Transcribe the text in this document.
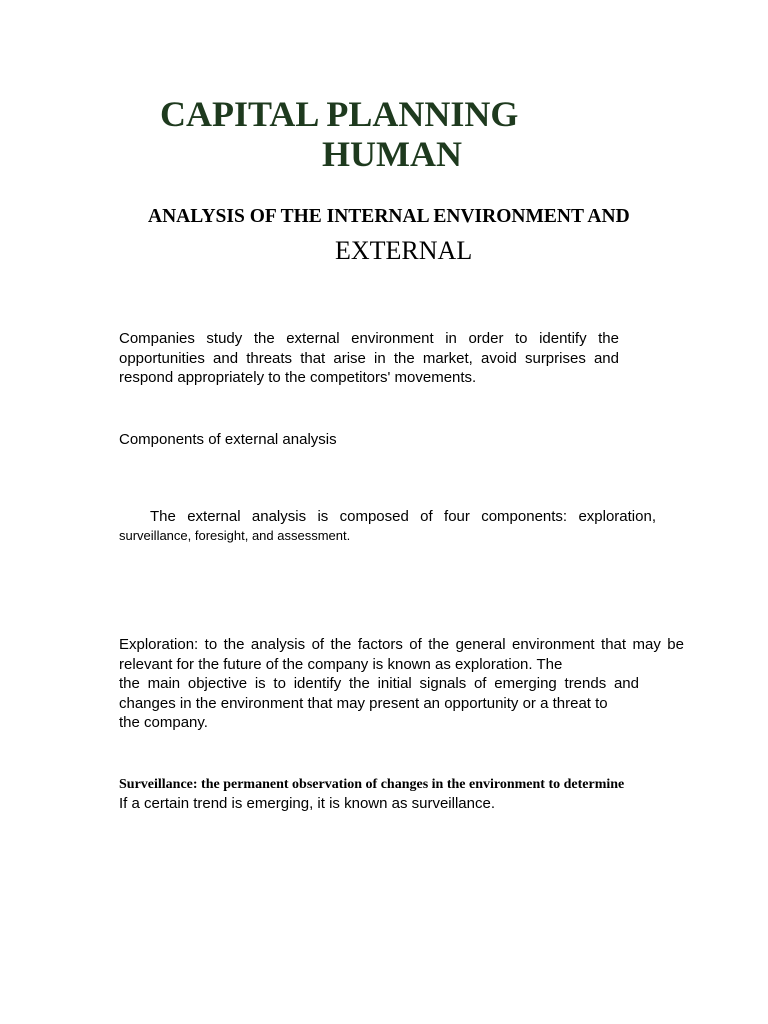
CAPITAL PLANNING
HUMAN
ANALYSIS OF THE INTERNAL ENVIRONMENT AND
EXTERNAL

Companies study the external environment in order to identify the opportunities and threats that arise in the market, avoid surprises and respond appropriately to the competitors' movements.

Components of external analysis
The external analysis is composed of four components: exploration,
surveillance, foresight, and assessment.
Exploration: to the analysis of the factors of the general environment that may be relevant for the future of the company is known as exploration. The
the main objective is to identify the initial signals of emerging trends and changes in the environment that may present an opportunity or a threat to
the company.
Surveillance: the permanent observation of changes in the environment to determine
If a certain trend is emerging, it is known as surveillance.
